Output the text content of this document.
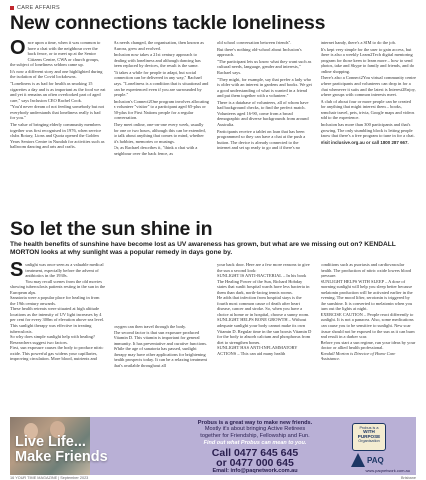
CARE AFFAIRS
New connections tackle loneliness

Once upon a time, when it was common to have a chat with the neighbour over the back fence, or to meet up at the Senior Citizens Centre, CWA or church groups, the subject of loneliness seldom came up.

It's now a different story and one highlighted during the isolation of the Covid lockdowns.

"Loneliness is as bad for health as smoking 15 cigarettes a day and is as important as the food we eat and yet it remains an often overlooked part of aged care," says Inclusion CEO Rachel Cook.

"You'd never dream of not feeding somebody but not everybody understands that loneliness really is bad for you."

The value of bringing elderly community members together was first recognised in 1976, when service clubs Rotary, Lions and Quota opened the Golden Years Seniors Centre in Nundah for activities such as ballroom dancing and arts and crafts.

As needs changed, the organisation, then known as Aurora, grew and evolved.

Inclusion now takes a 21st century approach to dealing with loneliness and although dancing has been replaced by devices, the result is the same.

"It takes a while for people to adapt, but social connection can be delivered in any way," Rachael says. "Loneliness is a condition that is situational and can be experienced even if you are surrounded by people."

Inclusion's Connect2One program involves allocating a volunteer "visitor" to a participant aged 65-plus or 50-plus for First Nations people for a regular conversation.

They meet online, one-on-one every week, usually for one or two hours, although this can be extended, to talk about anything that comes to mind, whether it's hobbies, memories or musings.

Or, as Rachael describes it, "think a chat with a neighbour over the back fence, as

old school conversation between friends".

But there's nothing old-school about Inclusion's approach.

"The participant lets us know what they want such as cultural needs, language, gender and interests," Rachael says.

"They might, for example, say that prefer a lady who is older with an interest in gardens and books. We get a good understanding of what is wanted in a friend and put them together with a volunteer."

There is a database of volunteers, all of whom have had background checks, to find the perfect match. Volunteers aged 16-90, come from a broad demographic and diverse backgrounds from around Australia.

Participants receive a tablet on loan that has been programmed so they can have a chat at the push a button. The device is already connected to the internet and set up ready to go and if there's no

internet handy, there's a SIM to do the job.

It's kept very simple for the user to gain access, but there is also a weekly Learn2Tech digital mentoring program for those keen to learn more – how to send photos, take and Skype to family and friends, and do online shopping.

There's also a Connect2You virtual community centre where participants and volunteers can drop in for a chat whenever it suits and the latest is Interest2Enjoy, where groups with common interests meet.

A club of about four or more people can be created for anything that might interest them – books, armchair travel, pets, trivia, Google maps and videos add to the experience.

Inclusion has more than 300 participants and that's growing. The only stumbling block is letting people know that there's a free program to tune in for a chat.

Visit inclusive.org.au or call 1800 287 667.

So let the sun shine in
The health benefits of sunshine have become lost as UV awareness has grown, but what are we missing out on? KENDALL MORTON looks at why sunlight was a popular remedy in days gone by.

Sunlight was once seen as a valuable medical treatment, especially before the advent of antibiotics in the 1930s.

You may recall scenes from the old movies showing tuberculosis patients resting in the sun in the European alps.

Sanatoria were a popular place for healing in from the 19th century onwards.

These health retreats were situated at high altitude locations as the intensity of UV light increases by 4 per cent for every 300m of elevation above sea level. This sunlight therapy was effective in treating tuberculosis.

So why does simple sunlight help with healing? Researchers suggest two factors.

First, sun exposure causes the body to produce nitric oxide. This powerful gas widens your capillaries, improving circulation. More blood, nutrients and

oxygen can then travel through the body.

The second factor is that sun exposure produced Vitamin D. This vitamin is important for general immunity. It has preventative and curative functions.

While the age of sanatoria has passed, sunlight therapy may have other applications for brightening health prospects today. It can be a relaxing treatment that's available throughout all

your back door. Here are a few more reasons to give the sun a second look:

SUNLIGHT IS ANTI-BACTERIAL – In his book The Healing Power of the Sun, Richard Hobday states that sunlit hospital wards have less bacteria in them than dark, north-facing tennis rooms.

He adds that infection from hospital stays is the fourth most common cause of death after heart disease, cancer and stroke. So, when you have a choice at home or in hospital, choose a sunny room.

SUNLIGHT HELPS BONE GROWTH – Without adequate sunlight your body cannot make its own Vitamin D. Regular time in the sun boosts Vitamin D for the body to absorb calcium and phosphorus from diet to strengthen bones.

SUNLIGHT HAS ANTI-INFLAMMATORY ACTIONS – This can aid many health

conditions such as psoriasis and cardiovascular health. The production of nitric oxide lowers blood pressure.

SUNLIGHT HELPS WITH SLEEP – A dose of morning sunlight will help you sleep better because melatonin production will be activated earlier in the evening. The mood lifter, serotonin is triggered by the sunshine. It is converted to melatonin when you turn out the lights at night.

EXERCISE CAUTION – People react differently to sunlight. It is not a panacea. Also, some medications can cause you to be sensitive to sunlight. New scar tissue should not be exposed to the sun as it can burn and result in a darker scar.

Before you start a sun regime, run your ideas by your doctor or allied health professional.

Kendall Morton is Director of Home Care Assistance.

Live Life...
Make Friends
Probus is a great way to make new friends.
Mostly it's about bringing Active Retirees
together for Friendship, Fellowship and Fun.
Find out what Probus can mean to you.
Call 0477 645 645
or 0477 000 645
Email: info@paqnetwork.com.au
Probus is a
WITH PURPOSE
Organisation
PAQ
www.paqnetwork.com.au
16 YOUR TIME MAGAZINE | September 2023	Brisbane
